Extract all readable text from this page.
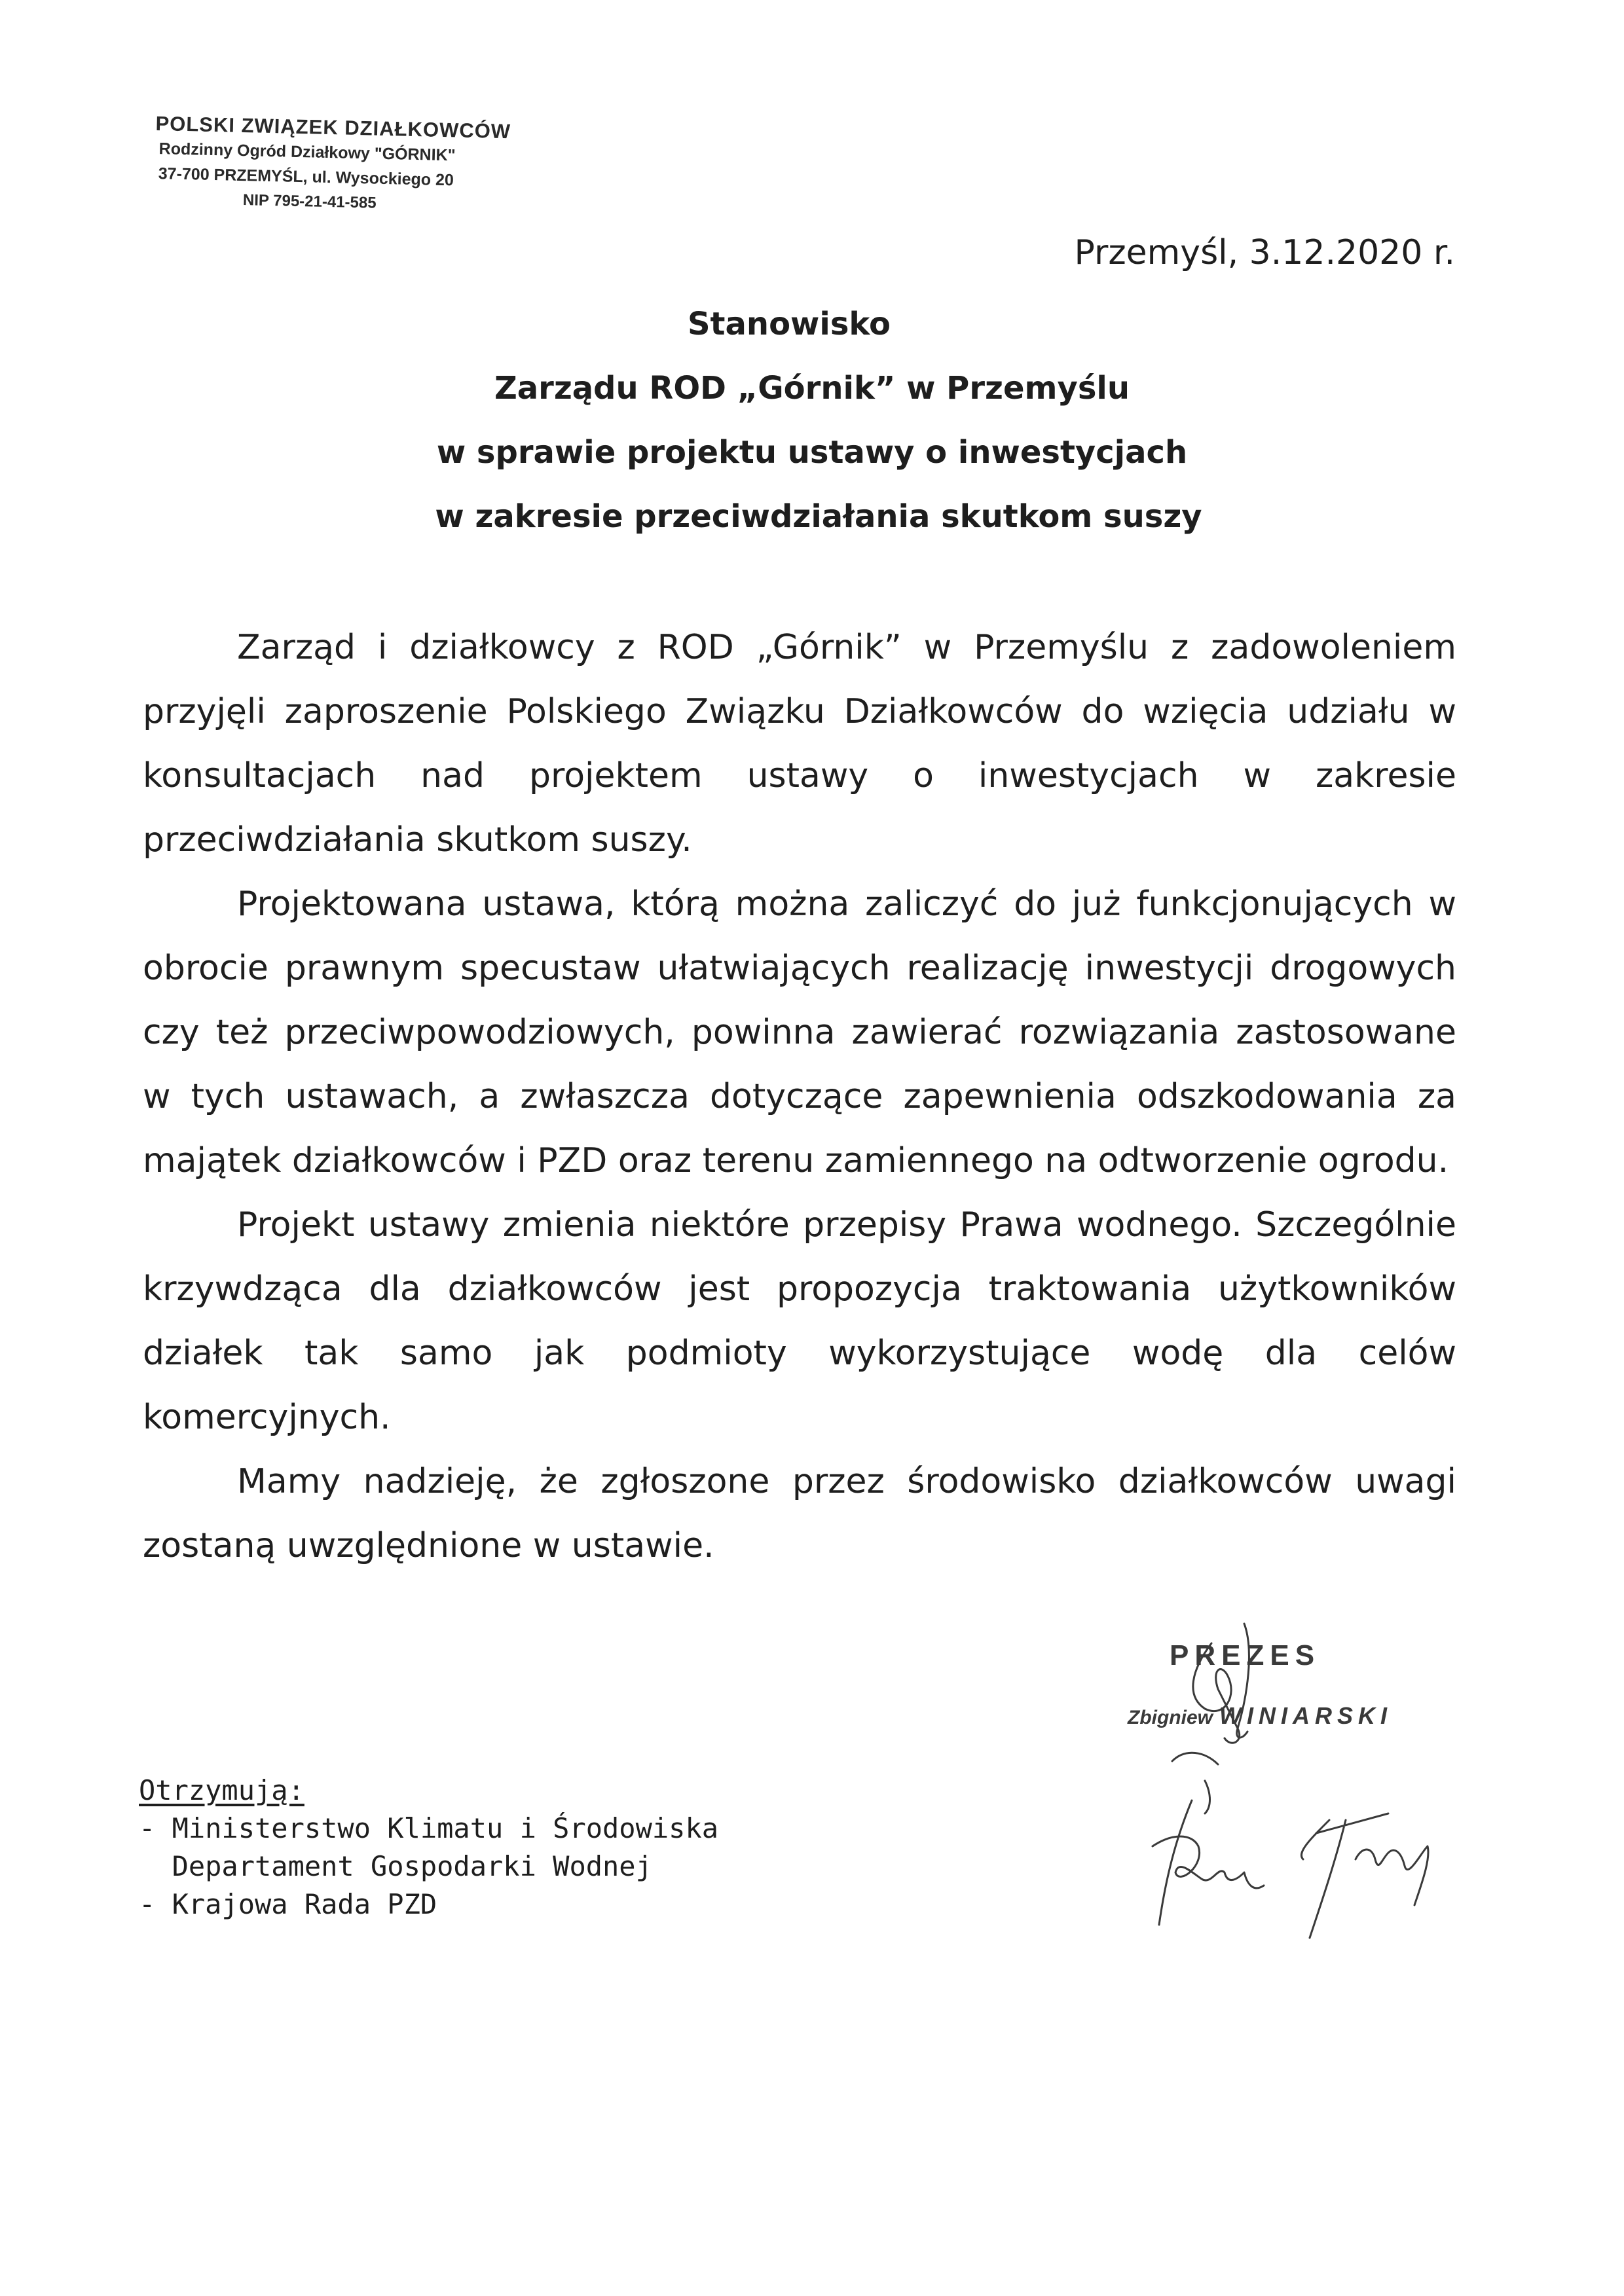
POLSKI ZWIĄZEK DZIAŁKOWCÓW
Rodzinny Ogród Działkowy "GÓRNIK"
37-700 PRZEMYŚL, ul. Wysockiego 20
NIP 795-21-41-585
Przemyśl, 3.12.2020 r.
Stanowisko
Zarządu ROD „Górnik” w Przemyślu
w sprawie projektu ustawy o inwestycjach
w zakresie przeciwdziałania skutkom suszy

Zarząd i działkowcy z ROD „Górnik” w Przemyślu z zadowoleniem przyjęli zaproszenie Polskiego Związku Działkowców do wzięcia udziału w konsultacjach nad projektem ustawy o inwestycjach w zakresie przeciwdziałania skutkom suszy.

Projektowana ustawa, którą można zaliczyć do już funkcjonujących w obrocie prawnym specustaw ułatwiających realizację inwestycji drogowych czy też przeciwpowodziowych, powinna zawierać rozwiązania zastosowane w tych ustawach, a zwłaszcza dotyczące zapewnienia odszkodowania za majątek działkowców i PZD oraz terenu zamiennego na odtworzenie ogrodu.

Projekt ustawy zmienia niektóre przepisy Prawa wodnego. Szczególnie krzywdząca dla działkowców jest propozycja traktowania użytkowników działek tak samo jak podmioty wykorzystujące wodę dla celów komercyjnych.

Mamy nadzieję, że zgłoszone przez środowisko działkowców uwagi zostaną uwzględnione w ustawie.

PREZES
Zbigniew WINIARSKI
Otrzymują:
- Ministerstwo Klimatu i Środowiska
Departament Gospodarki Wodnej
- Krajowa Rada PZD
